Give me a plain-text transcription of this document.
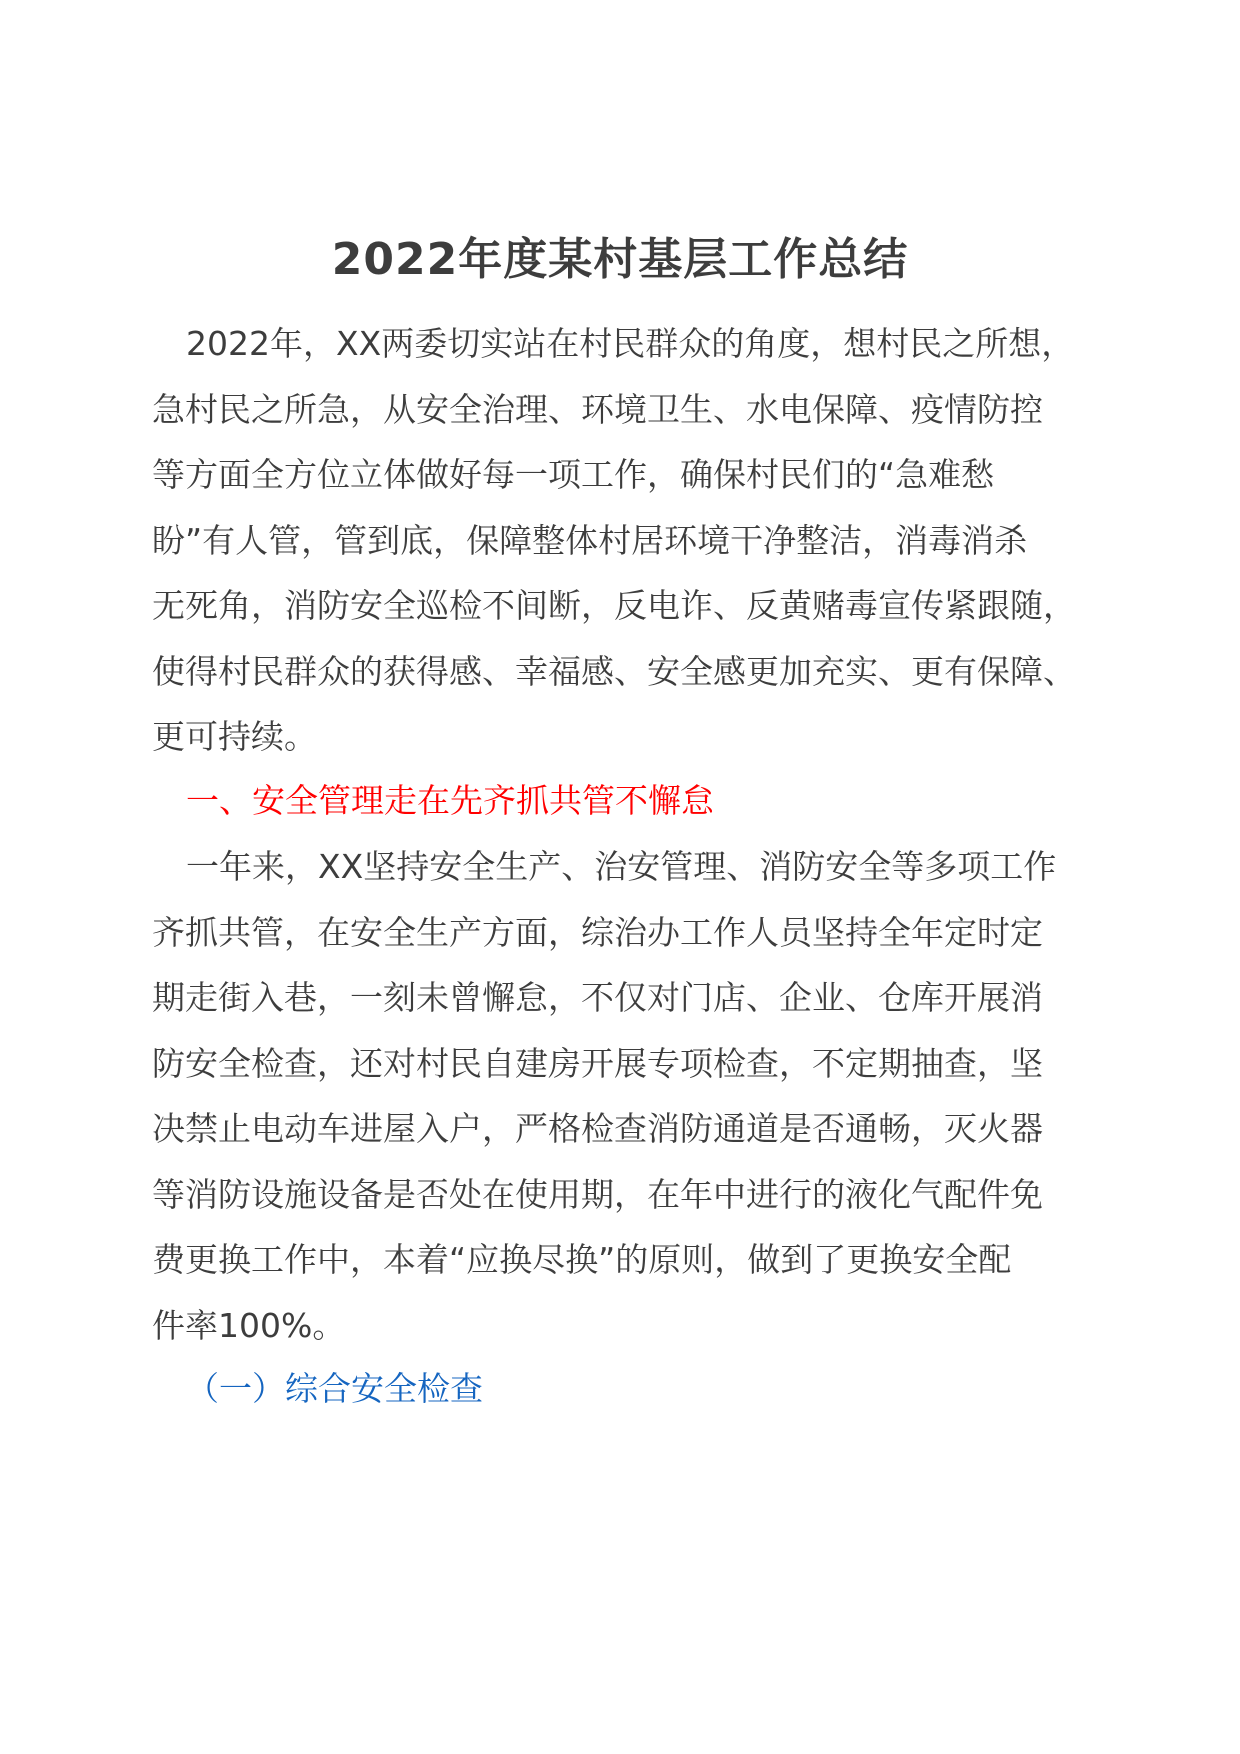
2022年度某村基层工作总结
2022年，XX两委切实站在村民群众的角度，想村民之所想，
急村民之所急，从安全治理、环境卫生、水电保障、疫情防控
等方面全方位立体做好每一项工作，确保村民们的“急难愁
盼”有人管，管到底，保障整体村居环境干净整洁，消毒消杀
无死角，消防安全巡检不间断，反电诈、反黄赌毒宣传紧跟随，
使得村民群众的获得感、幸福感、安全感更加充实、更有保障、
更可持续。
一、安全管理走在先齐抓共管不懈怠
一年来，XX坚持安全生产、治安管理、消防安全等多项工作
齐抓共管，在安全生产方面，综治办工作人员坚持全年定时定
期走街入巷，一刻未曾懈怠，不仅对门店、企业、仓库开展消
防安全检查，还对村民自建房开展专项检查，不定期抽查，坚
决禁止电动车进屋入户，严格检查消防通道是否通畅，灭火器
等消防设施设备是否处在使用期，在年中进行的液化气配件免
费更换工作中，本着“应换尽换”的原则，做到了更换安全配
件率100%。
（一）综合安全检查
